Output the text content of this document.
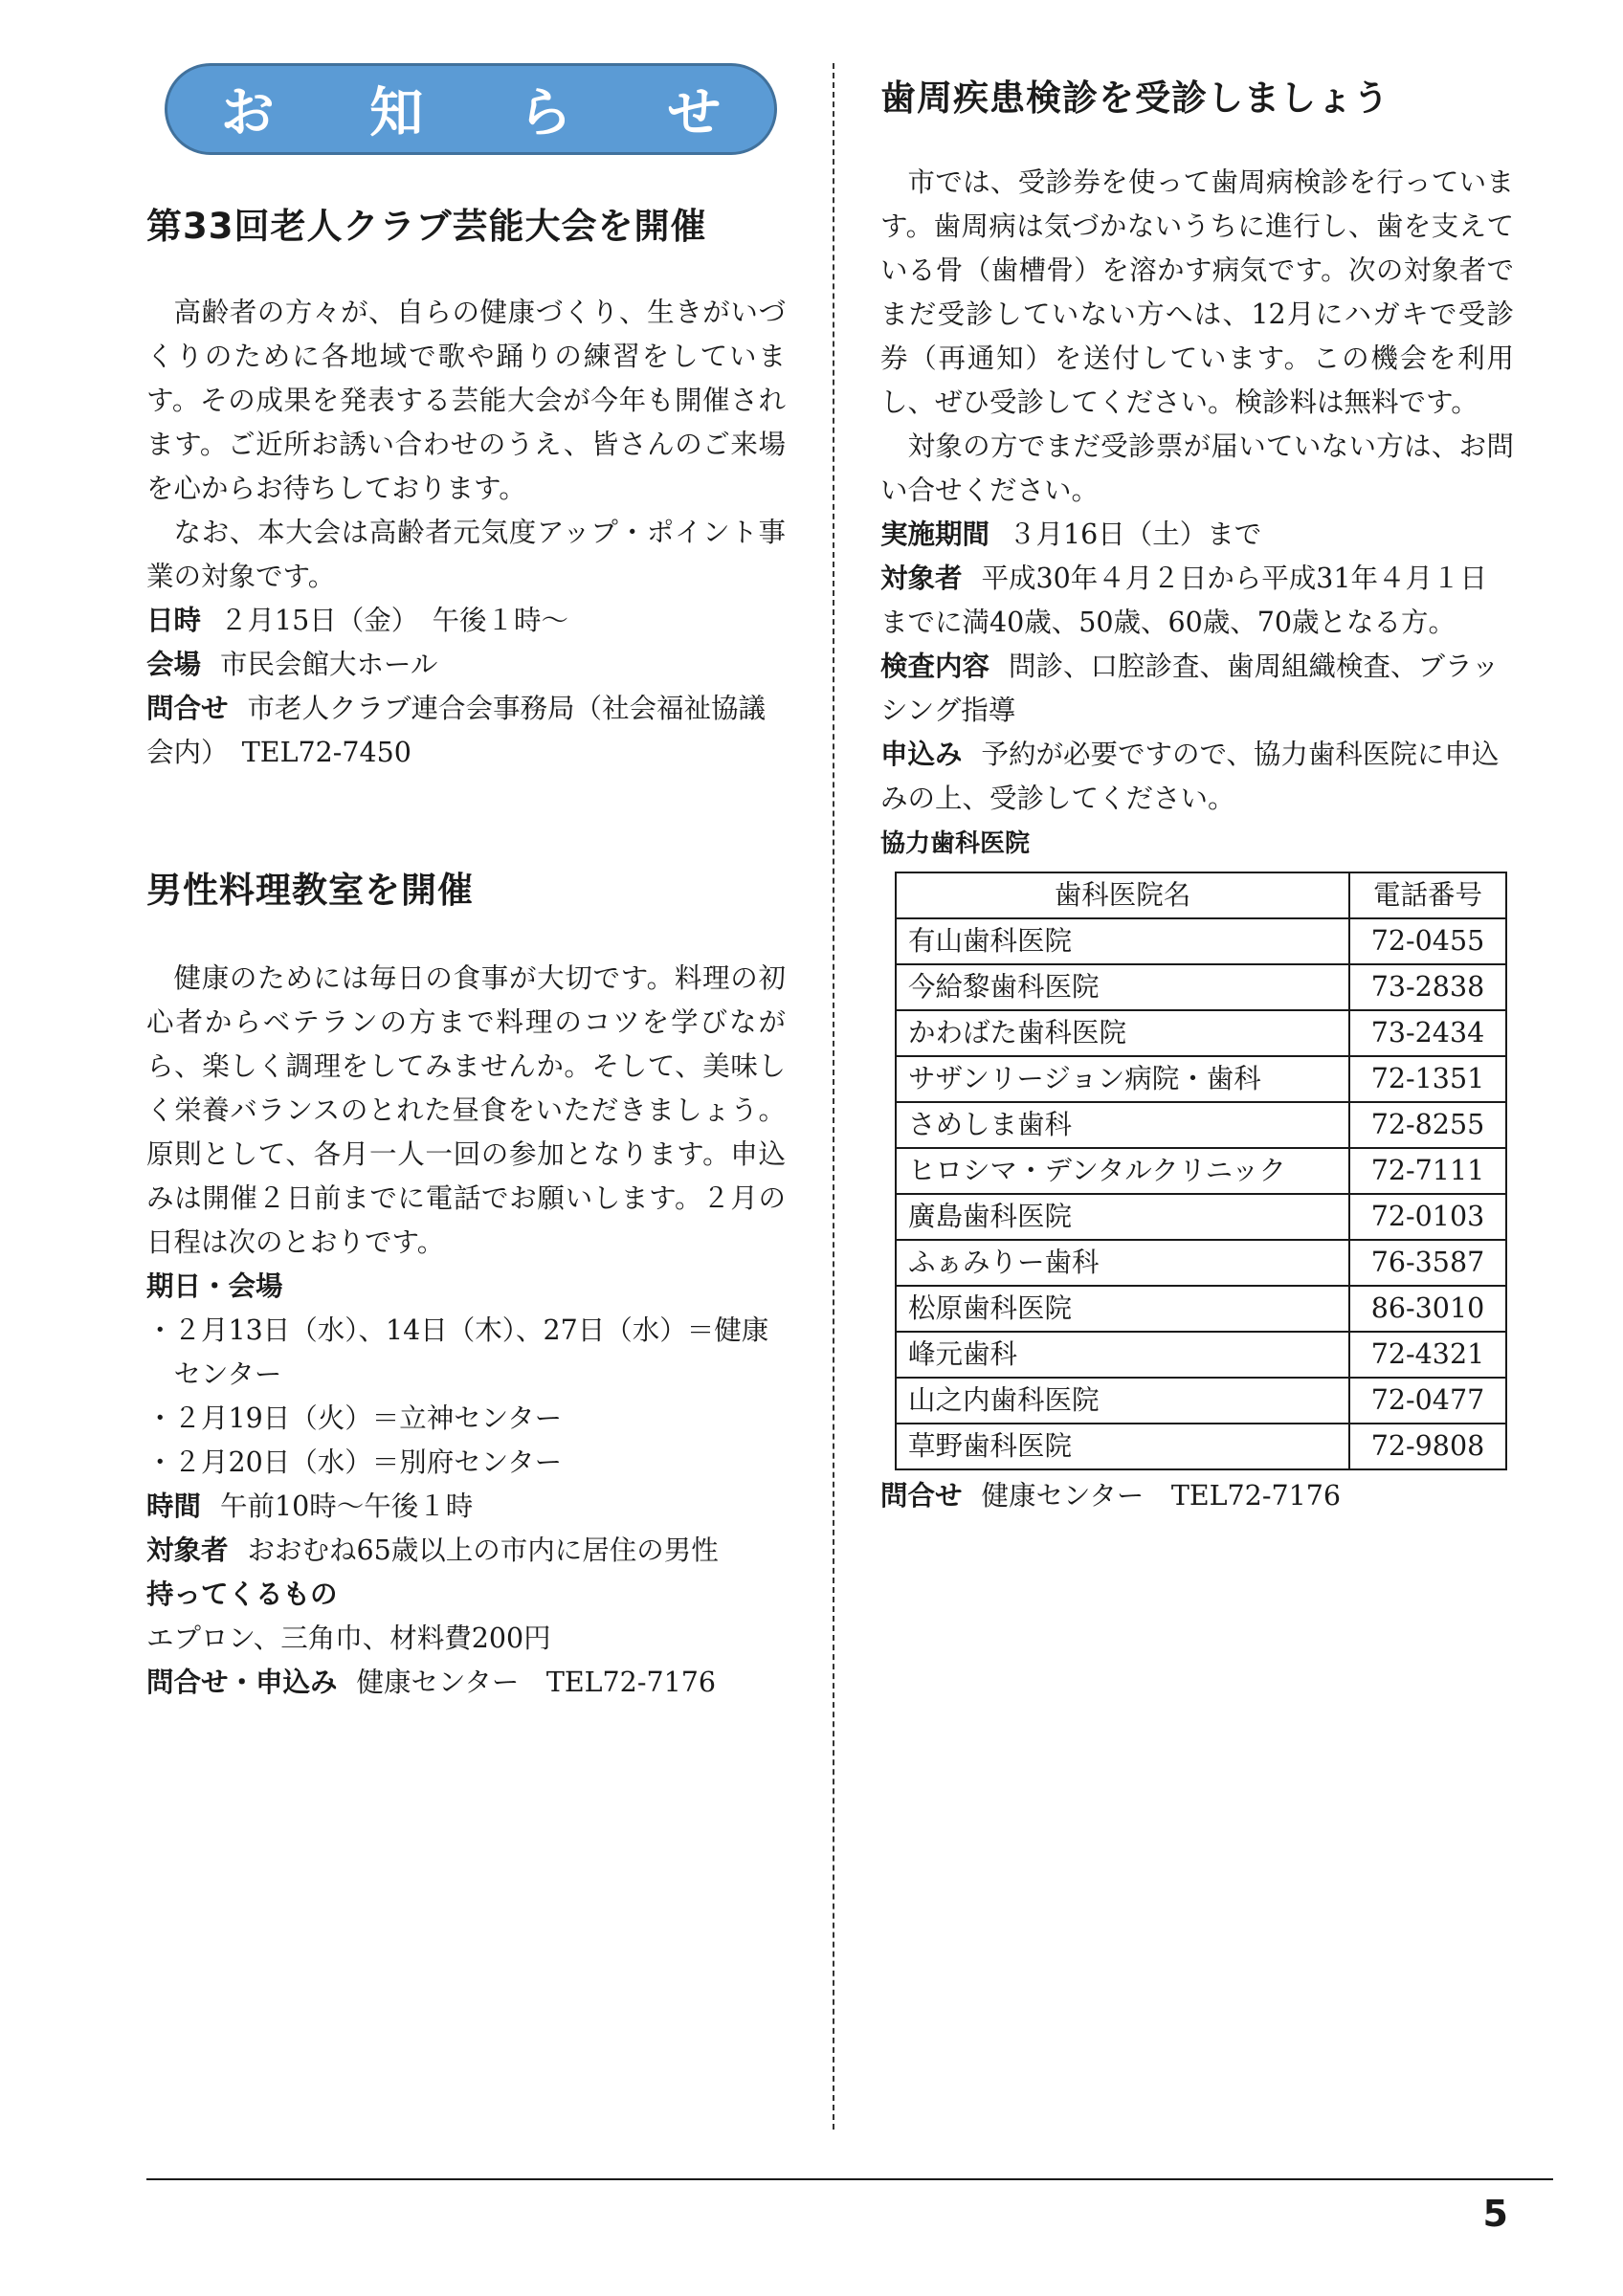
お 知 ら せ
第33回老人クラブ芸能大会を開催

高齢者の方々が、自らの健康づくり、生きがいづくりのために各地域で歌や踊りの練習をしています。その成果を発表する芸能大会が今年も開催されます。ご近所お誘い合わせのうえ、皆さんのご来場を心からお待ちしております。

なお、本大会は高齢者元気度アップ・ポイント事業の対象です。

日時 ２月15日（金）　午後１時～
会場 市民会館大ホール
問合せ 市老人クラブ連合会事務局（社会福祉協議会内）　TEL72-7450
男性料理教室を開催

健康のためには毎日の食事が大切です。料理の初心者からベテランの方まで料理のコツを学びながら、楽しく調理をしてみませんか。そして、美味しく栄養バランスのとれた昼食をいただきましょう。原則として、各月一人一回の参加となります。申込みは開催２日前までに電話でお願いします。２月の日程は次のとおりです。

期日・会場
・２月13日（水）、14日（木）、27日（水）＝健康センター
・２月19日（火）＝立神センター
・２月20日（水）＝別府センター
時間 午前10時～午後１時
対象者 おおむね65歳以上の市内に居住の男性
持ってくるもの
エプロン、三角巾、材料費200円
問合せ・申込み 健康センター　TEL72-7176
歯周疾患検診を受診しましょう

市では、受診券を使って歯周病検診を行っています。歯周病は気づかないうちに進行し、歯を支えている骨（歯槽骨）を溶かす病気です。次の対象者でまだ受診していない方へは、12月にハガキで受診券（再通知）を送付しています。この機会を利用し、ぜひ受診してください。検診料は無料です。

対象の方でまだ受診票が届いていない方は、お問い合せください。

実施期間 ３月16日（土）まで
対象者 平成30年４月２日から平成31年４月１日までに満40歳、50歳、60歳、70歳となる方。
検査内容 問診、口腔診査、歯周組織検査、ブラッシング指導
申込み 予約が必要ですので、協力歯科医院に申込みの上、受診してください。
協力歯科医院
歯科医院名	電話番号
有山歯科医院	72-0455
今給黎歯科医院	73-2838
かわばた歯科医院	73-2434
サザンリージョン病院・歯科	72-1351
さめしま歯科	72-8255
ヒロシマ・デンタルクリニック	72-7111
廣島歯科医院	72-0103
ふぁみりー歯科	76-3587
松原歯科医院	86-3010
峰元歯科	72-4321
山之内歯科医院	72-0477
草野歯科医院	72-9808
問合せ 健康センター　TEL72-7176
5
